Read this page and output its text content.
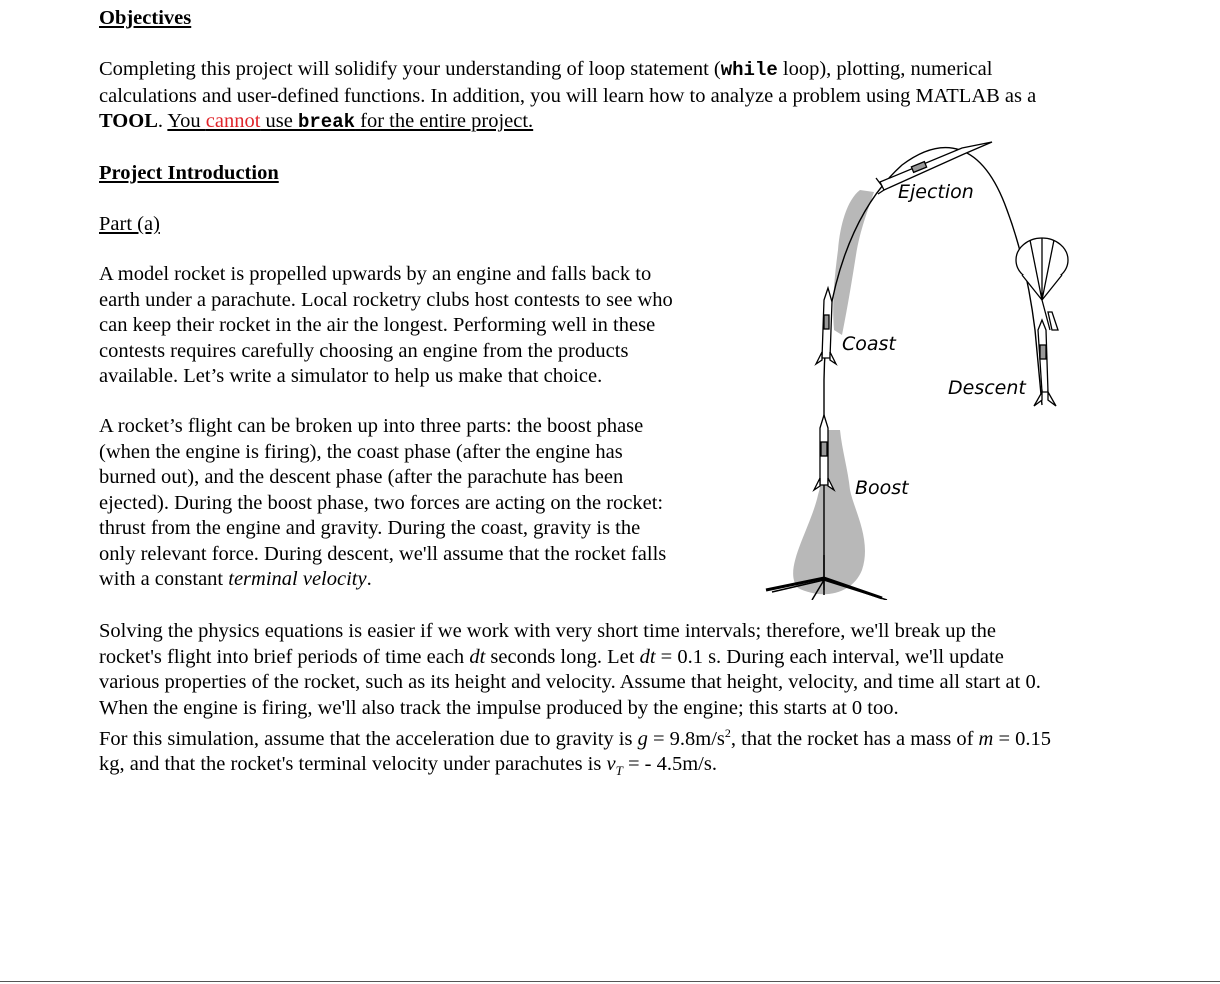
Objectives
Completing this project will solidify your understanding of loop statement (while loop), plotting, numerical
calculations and user-defined functions. In addition, you will learn how to analyze a problem using MATLAB as a
TOOL. You cannot use break for the entire project.
Project Introduction
Part (a)
A model rocket is propelled upwards by an engine and falls back to
earth under a parachute. Local rocketry clubs host contests to see who
can keep their rocket in the air the longest. Performing well in these
contests requires carefully choosing an engine from the products
available. Let’s write a simulator to help us make that choice.
A rocket’s flight can be broken up into three parts: the boost phase
(when the engine is firing), the coast phase (after the engine has
burned out), and the descent phase (after the parachute has been
ejected). During the boost phase, two forces are acting on the rocket:
thrust from the engine and gravity. During the coast, gravity is the
only relevant force. During descent, we'll assume that the rocket falls
with a constant terminal velocity.
Ejection
Coast
Descent
Boost
Solving the physics equations is easier if we work with very short time intervals; therefore, we'll break up the
rocket's flight into brief periods of time each dt seconds long. Let dt = 0.1 s. During each interval, we'll update
various properties of the rocket, such as its height and velocity. Assume that height, velocity, and time all start at 0.
When the engine is firing, we'll also track the impulse produced by the engine; this starts at 0 too.
For this simulation, assume that the acceleration due to gravity is $g = 9.8m/s^2$, that the rocket has a mass of m = 0.15
kg, and that the rocket's terminal velocity under parachutes is $v_T$ = - 4.5m/s.
